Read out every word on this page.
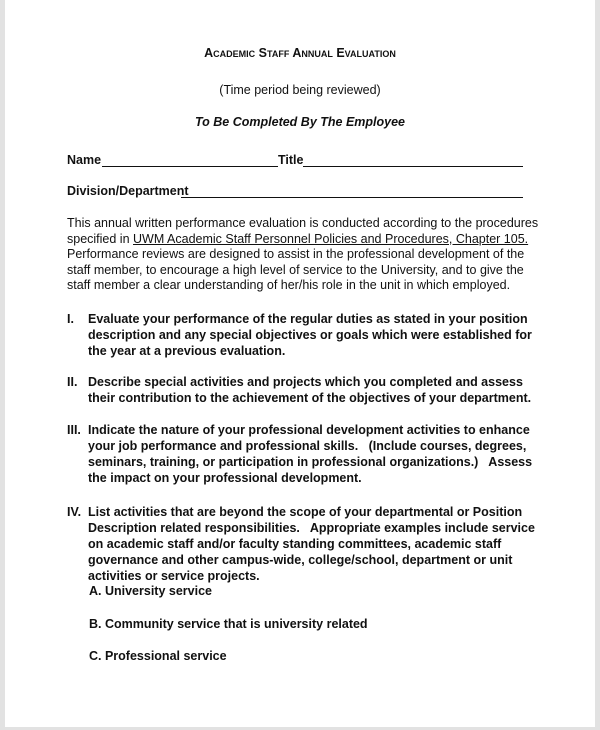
Academic Staff Annual Evaluation
(Time period being reviewed)
To Be Completed By The Employee
Name	Title
Division/Department
This annual written performance evaluation is conducted according to the procedures specified in UWM Academic Staff Personnel Policies and Procedures, Chapter 105.   Performance reviews are designed to assist in the professional development of the staff member, to encourage a high level of service to the University, and to give the staff member a clear understanding of her/his role in the unit in which employed.
I. Evaluate your performance of the regular duties as stated in your position description and any special objectives or goals which were established for the year at a previous evaluation.
II. Describe special activities and projects which you completed and assess their contribution to the achievement of the objectives of your department.
III. Indicate the nature of your professional development activities to enhance your job performance and professional skills.   (Include courses, degrees, seminars, training, or participation in professional organizations.)   Assess the impact on your professional development.
IV. List activities that are beyond the scope of your departmental or Position Description related responsibilities.   Appropriate examples include service on academic staff and/or faculty standing committees, academic staff governance and other campus-wide, college/school, department or unit activities or service projects.
A. University service
B. Community service that is university related
C. Professional service
